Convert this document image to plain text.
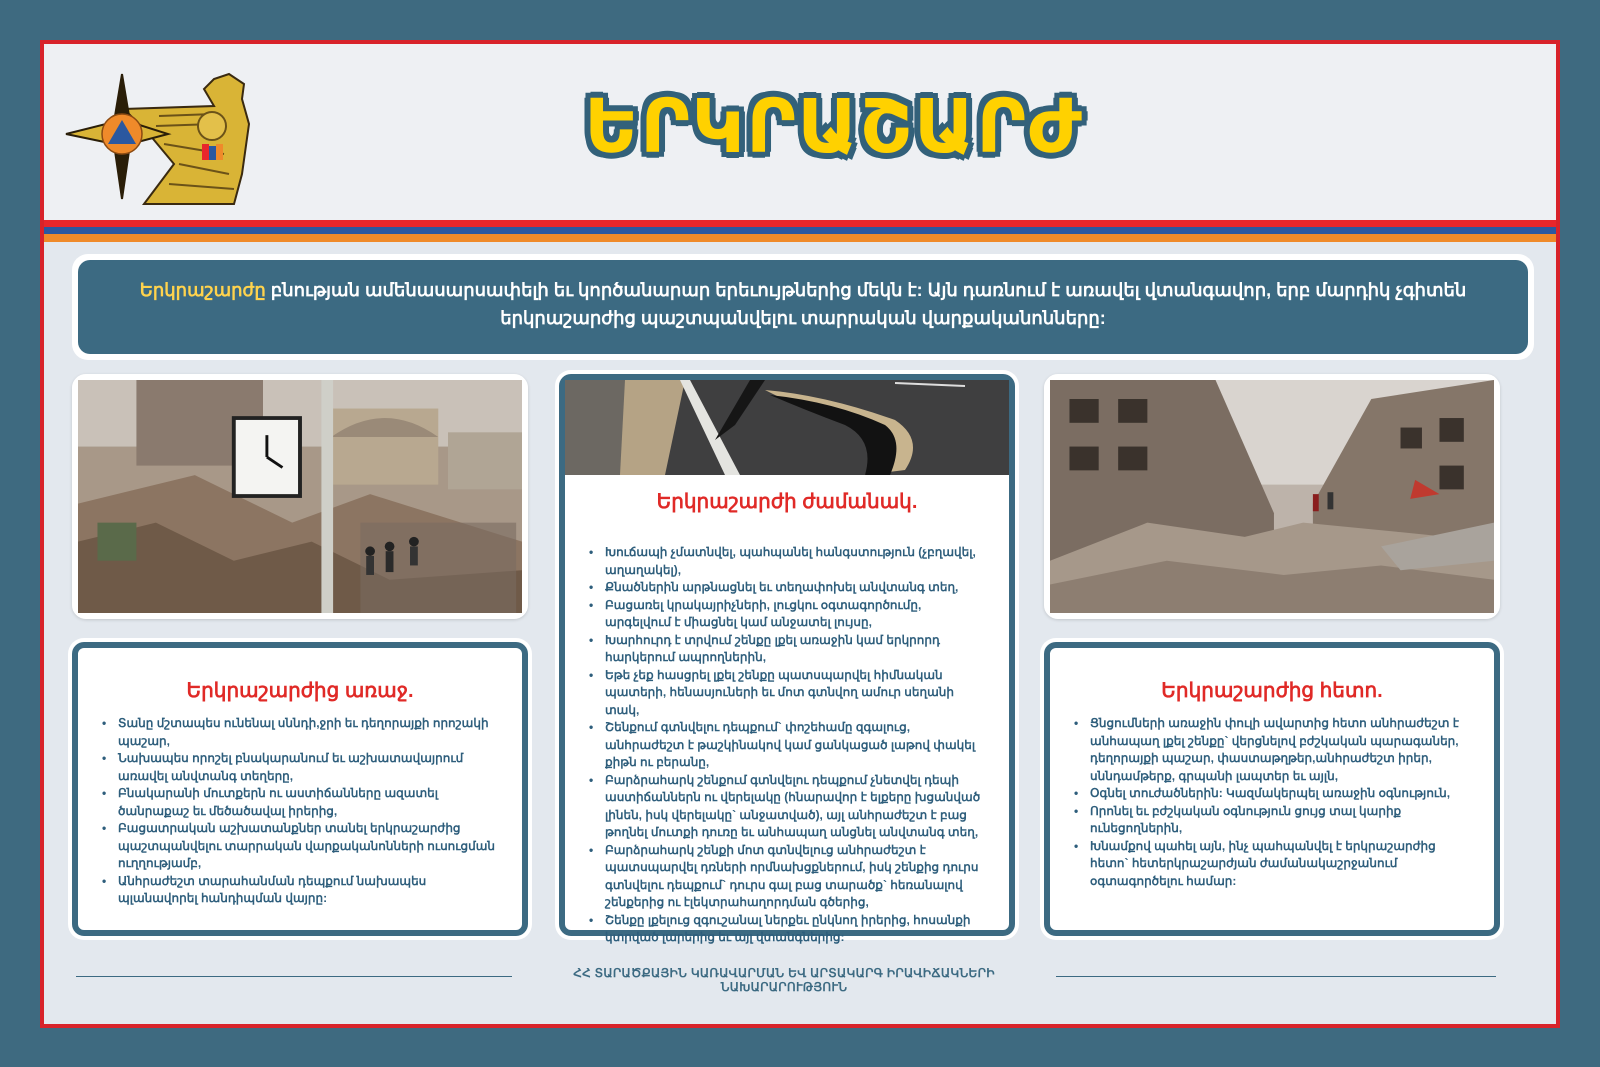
ԵՐԿՐԱՇԱՐԺ
Երկրաշարժը բնության ամենասարսափելի եւ կործանարար երեւույթներից մեկն է: Այն դառնում է առավել վտանգավոր, երբ մարդիկ չգիտեն երկրաշարժից պաշտպանվելու տարրական վարքականոնները:
Երկրաշարժի ժամանակ.
• Խուճապի չմատնվել, պահպանել հանգստություն (չբղավել, աղաղակել),
• Քնածներին արթնացնել եւ տեղափոխել անվտանգ տեղ,
• Բացառել կրակայրիչների, լուցկու օգտագործումը, արգելվում է միացնել կամ անջատել լույսը,
• Խարհուրդ է տրվում շենքը լքել առաջին կամ երկրորդ հարկերում ապրողներին,
• Եթե չեք հասցրել լքել շենքը պատսպարվել հիմնական պատերի, հենասյուների եւ մոտ գտնվող ամուր սեղանի տակ,
• Շենքում գտնվելու դեպքում` փոշեհամը զգալուց, անհրաժեշտ է թաշկինակով կամ ցանկացած լաթով փակել քիթն ու բերանը,
• Բարձրահարկ շենքում գտնվելու դեպքում չնետվել դեպի աստիճաններն ու վերելակը (հնարավոր է ելքերը խցանված լինեն, իսկ վերելակը` անջատված), այլ անհրաժեշտ է բաց թողնել մուտքի դուռը եւ անհապաղ անցնել անվտանգ տեղ,
• Բարձրահարկ շենքի մոտ գտնվելուց անհրաժեշտ է պատսպարվել դռների որմնախցքներում, իսկ շենքից դուրս գտնվելու դեպքում` դուրս գալ բաց տարածք` հեռանալով շենքերից ու էլեկտրահաղորդման գծերից,
• Շենքը լքելուց զգուշանալ ներքեւ ընկնող իրերից, հոսանքի կտրված լարերից եւ այլ վտանգներից:
Երկրաշարժից առաջ.
• Տանը մշտապես ունենալ սննդի,ջրի եւ դեղորայքի որոշակի պաշար,
• Նախապես որոշել բնակարանում եւ աշխատավայրում առավել անվտանգ տեղերը,
• Բնակարանի մուտքերն ու աստիճանները ազատել ծանրաքաշ եւ մեծածավալ իրերից,
• Բացատրական աշխատանքներ տանել երկրաշարժից պաշտպանվելու տարրական վարքականոնների ուսուցման ուղղությամբ,
• Անհրաժեշտ տարահանման դեպքում նախապես պլանավորել հանդիպման վայրը:
Երկրաշարժից հետո.
• Ցնցումների առաջին փուլի ավարտից հետո անհրաժեշտ է անհապաղ լքել շենքը` վերցնելով բժշկական պարագաներ, դեղորայքի պաշար, փաստաթղթեր,անհրաժեշտ իրեր, սննդամթերք, գրպանի լապտեր եւ այլն,
• Օգնել տուժածներին: Կազմակերպել առաջին օգնություն,
• Որոնել եւ բժշկական օգնություն ցույց տալ կարիք ունեցողներին,
• Խնամքով պահել այն, ինչ պահպանվել է երկրաշարժից հետո` հետերկրաշարժյան ժամանակաշրջանում օգտագործելու համար:
ՀՀ ՏԱՐԱԾՔԱՅԻՆ ԿԱՌԱՎԱՐՄԱՆ ԵՎ ԱՐՏԱԿԱՐԳ ԻՐԱՎԻՃԱԿՆԵՐԻ ՆԱԽԱՐԱՐՈՒԹՅՈՒՆ
